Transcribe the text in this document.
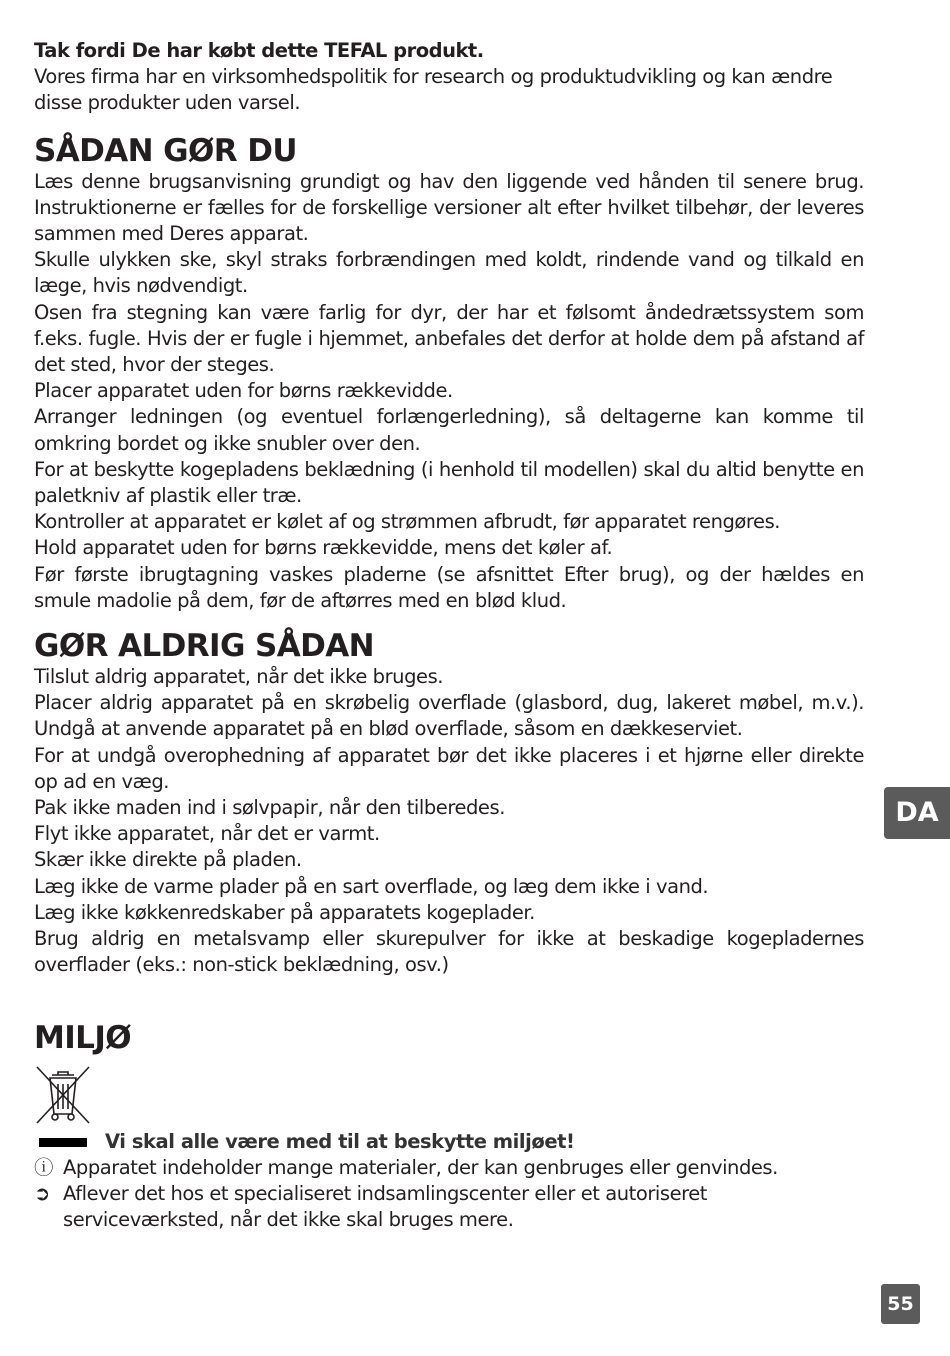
Tak fordi De har købt dette TEFAL produkt.

Vores firma har en virksomhedspolitik for research og produktudvikling og kan ændre disse produkter uden varsel.

SÅDAN GØR DU

Læs denne brugsanvisning grundigt og hav den liggende ved hånden til senere brug. Instruktionerne er fælles for de forskellige versioner alt efter hvilket tilbehør, der leveres sammen med Deres apparat.

Skulle ulykken ske, skyl straks forbrændingen med koldt, rindende vand og tilkald en læge, hvis nødvendigt.

Osen fra stegning kan være farlig for dyr, der har et følsomt åndedrætssystem som f.eks. fugle. Hvis der er fugle i hjemmet, anbefales det derfor at holde dem på afstand af det sted, hvor der steges.

Placer apparatet uden for børns rækkevidde.

Arranger ledningen (og eventuel forlængerledning), så deltagerne kan komme til omkring bordet og ikke snubler over den.

For at beskytte kogepladens beklædning (i henhold til modellen) skal du altid benytte en paletkniv af plastik eller træ.

Kontroller at apparatet er kølet af og strømmen afbrudt, før apparatet rengøres.

Hold apparatet uden for børns rækkevidde, mens det køler af.

Før første ibrugtagning vaskes pladerne (se afsnittet Efter brug), og der hældes en smule madolie på dem, før de aftørres med en blød klud.

GØR ALDRIG SÅDAN

Tilslut aldrig apparatet, når det ikke bruges.

Placer aldrig apparatet på en skrøbelig overflade (glasbord, dug, lakeret møbel, m.v.). Undgå at anvende apparatet på en blød overflade, såsom en dækkeserviet.

For at undgå overophedning af apparatet bør det ikke placeres i et hjørne eller direkte op ad en væg.

Pak ikke maden ind i sølvpapir, når den tilberedes.

Flyt ikke apparatet, når det er varmt.

Skær ikke direkte på pladen.

Læg ikke de varme plader på en sart overflade, og læg dem ikke i vand.

Læg ikke køkkenredskaber på apparatets kogeplader.

Brug aldrig en metalsvamp eller skurepulver for ikke at beskadige kogepladernes overflader (eks.: non-stick beklædning, osv.)

MILJØ
Vi skal alle være med til at beskytte miljøet!
ⓘ Apparatet indeholder mange materialer, der kan genbruges eller genvindes.
➲ Aflever det hos et specialiseret indsamlingscenter eller et autoriseret serviceværksted, når det ikke skal bruges mere.
DA
55
